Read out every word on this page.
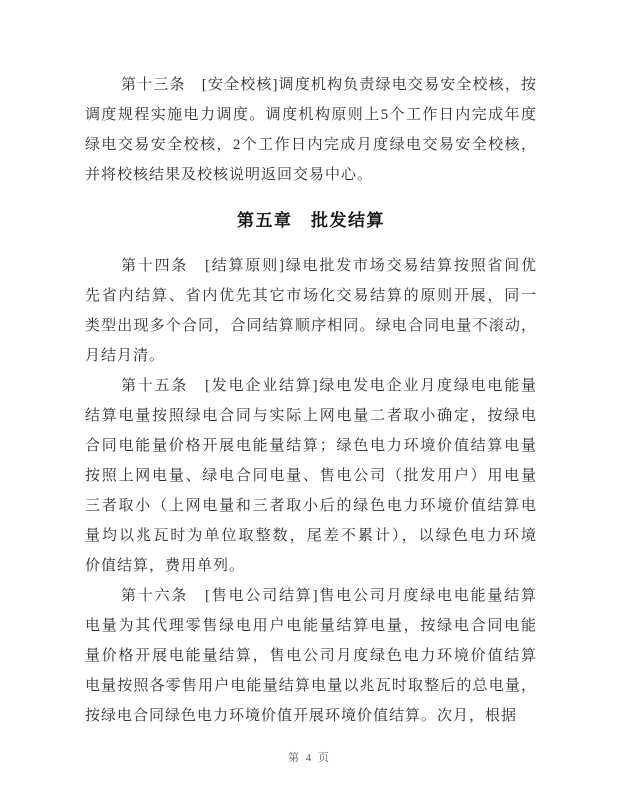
第十三条　[安全校核]调度机构负责绿电交易安全校核，按
调度规程实施电力调度。调度机构原则上5个工作日内完成年度
绿电交易安全校核，2个工作日内完成月度绿电交易安全校核，
并将校核结果及校核说明返回交易中心。
第五章　批发结算
第十四条　[结算原则]绿电批发市场交易结算按照省间优
先省内结算、省内优先其它市场化交易结算的原则开展，同一
类型出现多个合同，合同结算顺序相同。绿电合同电量不滚动，
月结月清。
第十五条　[发电企业结算]绿电发电企业月度绿电电能量
结算电量按照绿电合同与实际上网电量二者取小确定，按绿电
合同电能量价格开展电能量结算；绿色电力环境价值结算电量
按照上网电量、绿电合同电量、售电公司（批发用户）用电量
三者取小（上网电量和三者取小后的绿色电力环境价值结算电
量均以兆瓦时为单位取整数，尾差不累计），以绿色电力环境
价值结算，费用单列。
第十六条　[售电公司结算]售电公司月度绿电电能量结算
电量为其代理零售绿电用户电能量结算电量，按绿电合同电能
量价格开展电能量结算，售电公司月度绿色电力环境价值结算
电量按照各零售用户电能量结算电量以兆瓦时取整后的总电量，
按绿电合同绿色电力环境价值开展环境价值结算。次月，根据
第 4 页
